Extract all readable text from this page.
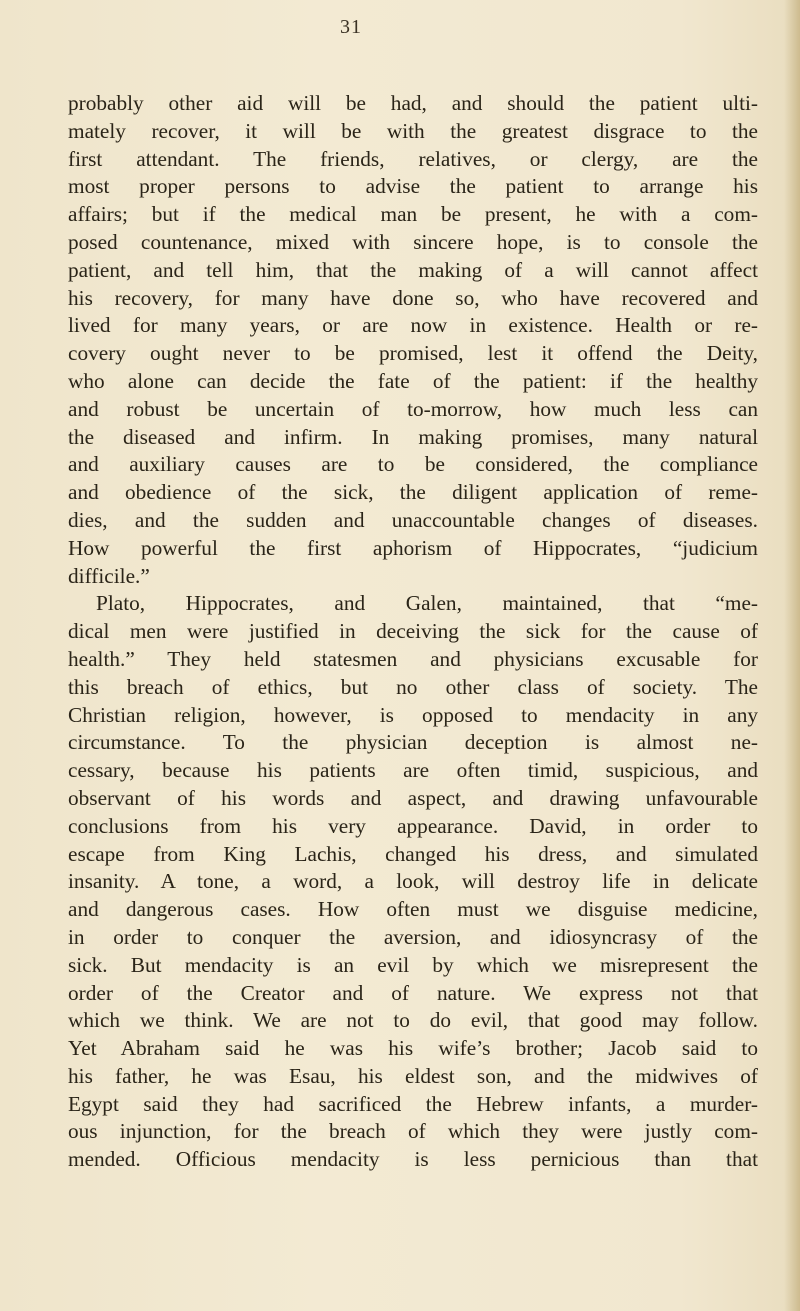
31
probably other aid will be had, and should the patient ulti-
mately recover, it will be with the greatest disgrace to the
first attendant. The friends, relatives, or clergy, are the
most proper persons to advise the patient to arrange his
affairs; but if the medical man be present, he with a com-
posed countenance, mixed with sincere hope, is to console the
patient, and tell him, that the making of a will cannot affect
his recovery, for many have done so, who have recovered and
lived for many years, or are now in existence. Health or re-
covery ought never to be promised, lest it offend the Deity,
who alone can decide the fate of the patient: if the healthy
and robust be uncertain of to-morrow, how much less can
the diseased and infirm. In making promises, many natural
and auxiliary causes are to be considered, the compliance
and obedience of the sick, the diligent application of reme-
dies, and the sudden and unaccountable changes of diseases.
How powerful the first aphorism of Hippocrates, “judicium
difficile.”
Plato, Hippocrates, and Galen, maintained, that “me-
dical men were justified in deceiving the sick for the cause of
health.” They held statesmen and physicians excusable for
this breach of ethics, but no other class of society. The
Christian religion, however, is opposed to mendacity in any
circumstance. To the physician deception is almost ne-
cessary, because his patients are often timid, suspicious, and
observant of his words and aspect, and drawing unfavourable
conclusions from his very appearance. David, in order to
escape from King Lachis, changed his dress, and simulated
insanity. A tone, a word, a look, will destroy life in delicate
and dangerous cases. How often must we disguise medicine,
in order to conquer the aversion, and idiosyncrasy of the
sick. But mendacity is an evil by which we misrepresent the
order of the Creator and of nature. We express not that
which we think. We are not to do evil, that good may follow.
Yet Abraham said he was his wife’s brother; Jacob said to
his father, he was Esau, his eldest son, and the midwives of
Egypt said they had sacrificed the Hebrew infants, a murder-
ous injunction, for the breach of which they were justly com-
mended. Officious mendacity is less pernicious than that
